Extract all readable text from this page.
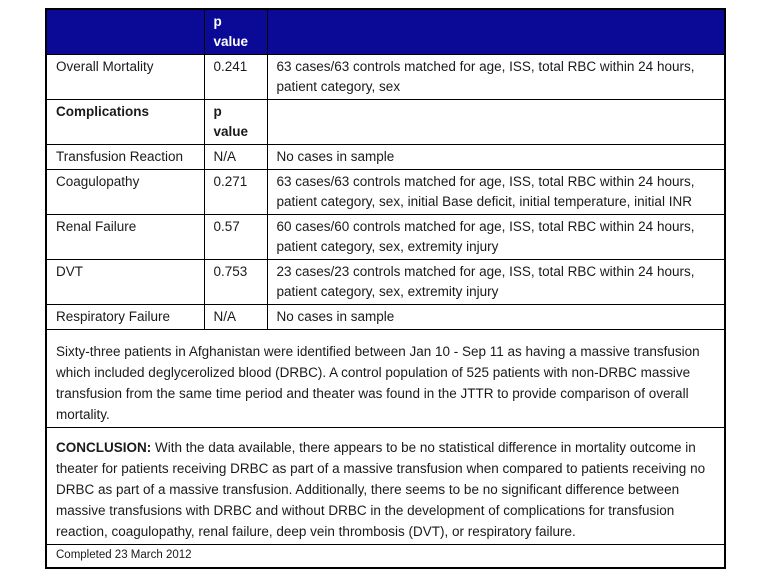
	p value	
Overall Mortality	0.241	63 cases/63 controls matched for age, ISS, total RBC within 24 hours, patient category, sex
Complications	p value	
Transfusion Reaction	N/A	No cases in sample
Coagulopathy	0.271	63 cases/63 controls matched for age, ISS, total RBC within 24 hours, patient category, sex, initial Base deficit, initial temperature, initial INR
Renal Failure	0.57	60 cases/60 controls matched for age, ISS, total RBC within 24 hours, patient category, sex, extremity injury
DVT	0.753	23 cases/23 controls matched for age, ISS, total RBC within 24 hours, patient category, sex, extremity injury
Respiratory Failure	N/A	No cases in sample
Sixty-three patients in Afghanistan were identified between Jan 10 - Sep 11 as having a massive transfusion which included deglycerolized blood (DRBC). A control population of 525 patients with non-DRBC massive transfusion from the same time period and theater was found in the JTTR to provide comparison of overall mortality.		
CONCLUSION: With the data available, there appears to be no statistical difference in mortality outcome in theater for patients receiving DRBC as part of a massive transfusion when compared to patients receiving no DRBC as part of a massive transfusion. Additionally, there seems to be no significant difference between massive transfusions with DRBC and without DRBC in the development of complications for transfusion reaction, coagulopathy, renal failure, deep vein thrombosis (DVT), or respiratory failure.		
Completed 23 March 2012		
